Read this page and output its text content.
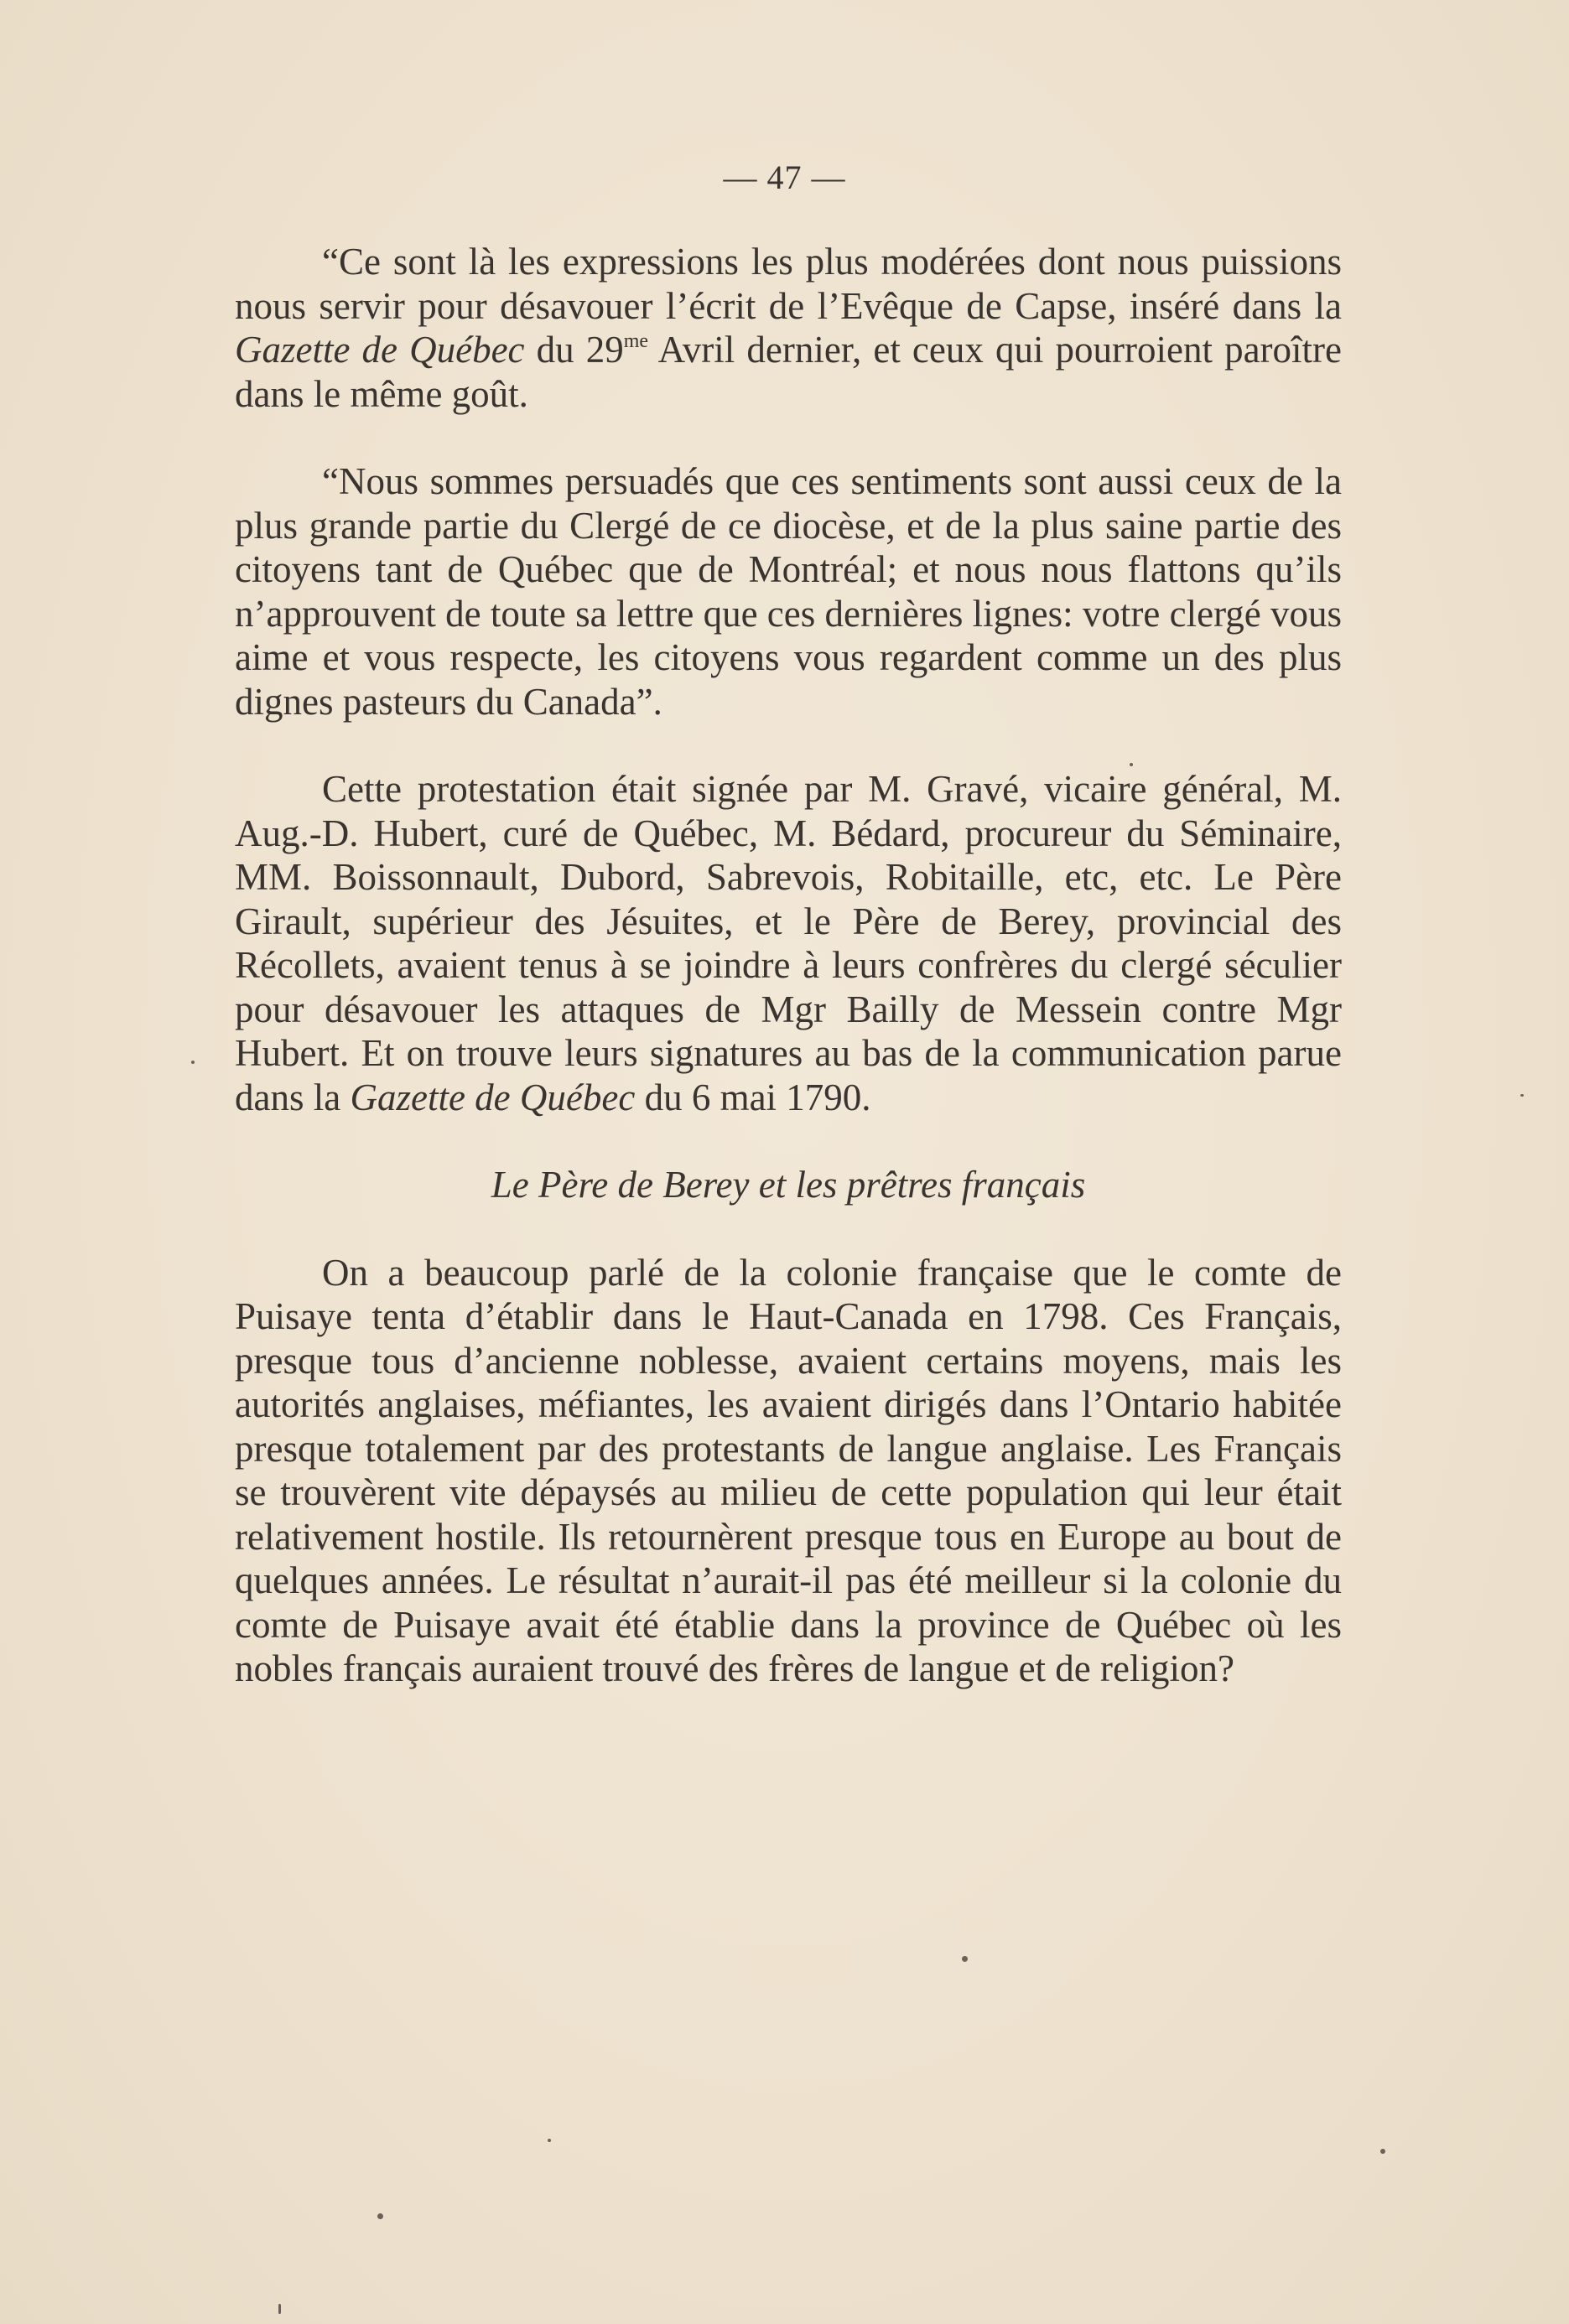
— 47 —

“Ce sont là les expressions les plus modérées dont nous puissions nous servir pour désavouer l’écrit de l’Evêque de Capse, inséré dans la Gazette de Québec du $29^{me}$ Avril dernier, et ceux qui pourroient paroître dans le même goût.

“Nous sommes persuadés que ces sentiments sont aussi ceux de la plus grande partie du Clergé de ce diocèse, et de la plus saine partie des citoyens tant de Québec que de Montréal; et nous nous flattons qu’ils n’approuvent de toute sa lettre que ces dernières lignes: votre clergé vous aime et vous respecte, les citoyens vous regardent comme un des plus dignes pasteurs du Canada”.

Cette protestation était signée par M. Gravé, vicaire général, M. Aug.-D. Hubert, curé de Québec, M. Bédard, procureur du Séminaire, MM. Boissonnault, Dubord, Sabrevois, Robitaille, etc, etc. Le Père Girault, supérieur des Jésuites, et le Père de Berey, provincial des Récollets, avaient tenus à se joindre à leurs confrères du clergé séculier pour désavouer les attaques de Mgr Bailly de Messein contre Mgr Hubert. Et on trouve leurs signatures au bas de la communication parue dans la Gazette de Québec du 6 mai 1790.

Le Père de Berey et les prêtres français

On a beaucoup parlé de la colonie française que le comte de Puisaye tenta d’établir dans le Haut-Canada en 1798. Ces Français, presque tous d’ancienne noblesse, avaient certains moyens, mais les autorités anglaises, méfiantes, les avaient dirigés dans l’Ontario habitée presque totalement par des protestants de langue anglaise. Les Français se trouvèrent vite dépaysés au milieu de cette population qui leur était relativement hostile. Ils retournèrent presque tous en Europe au bout de quelques années. Le résultat n’aurait-il pas été meilleur si la colonie du comte de Puisaye avait été établie dans la province de Québec où les nobles français auraient trouvé des frères de langue et de religion?
